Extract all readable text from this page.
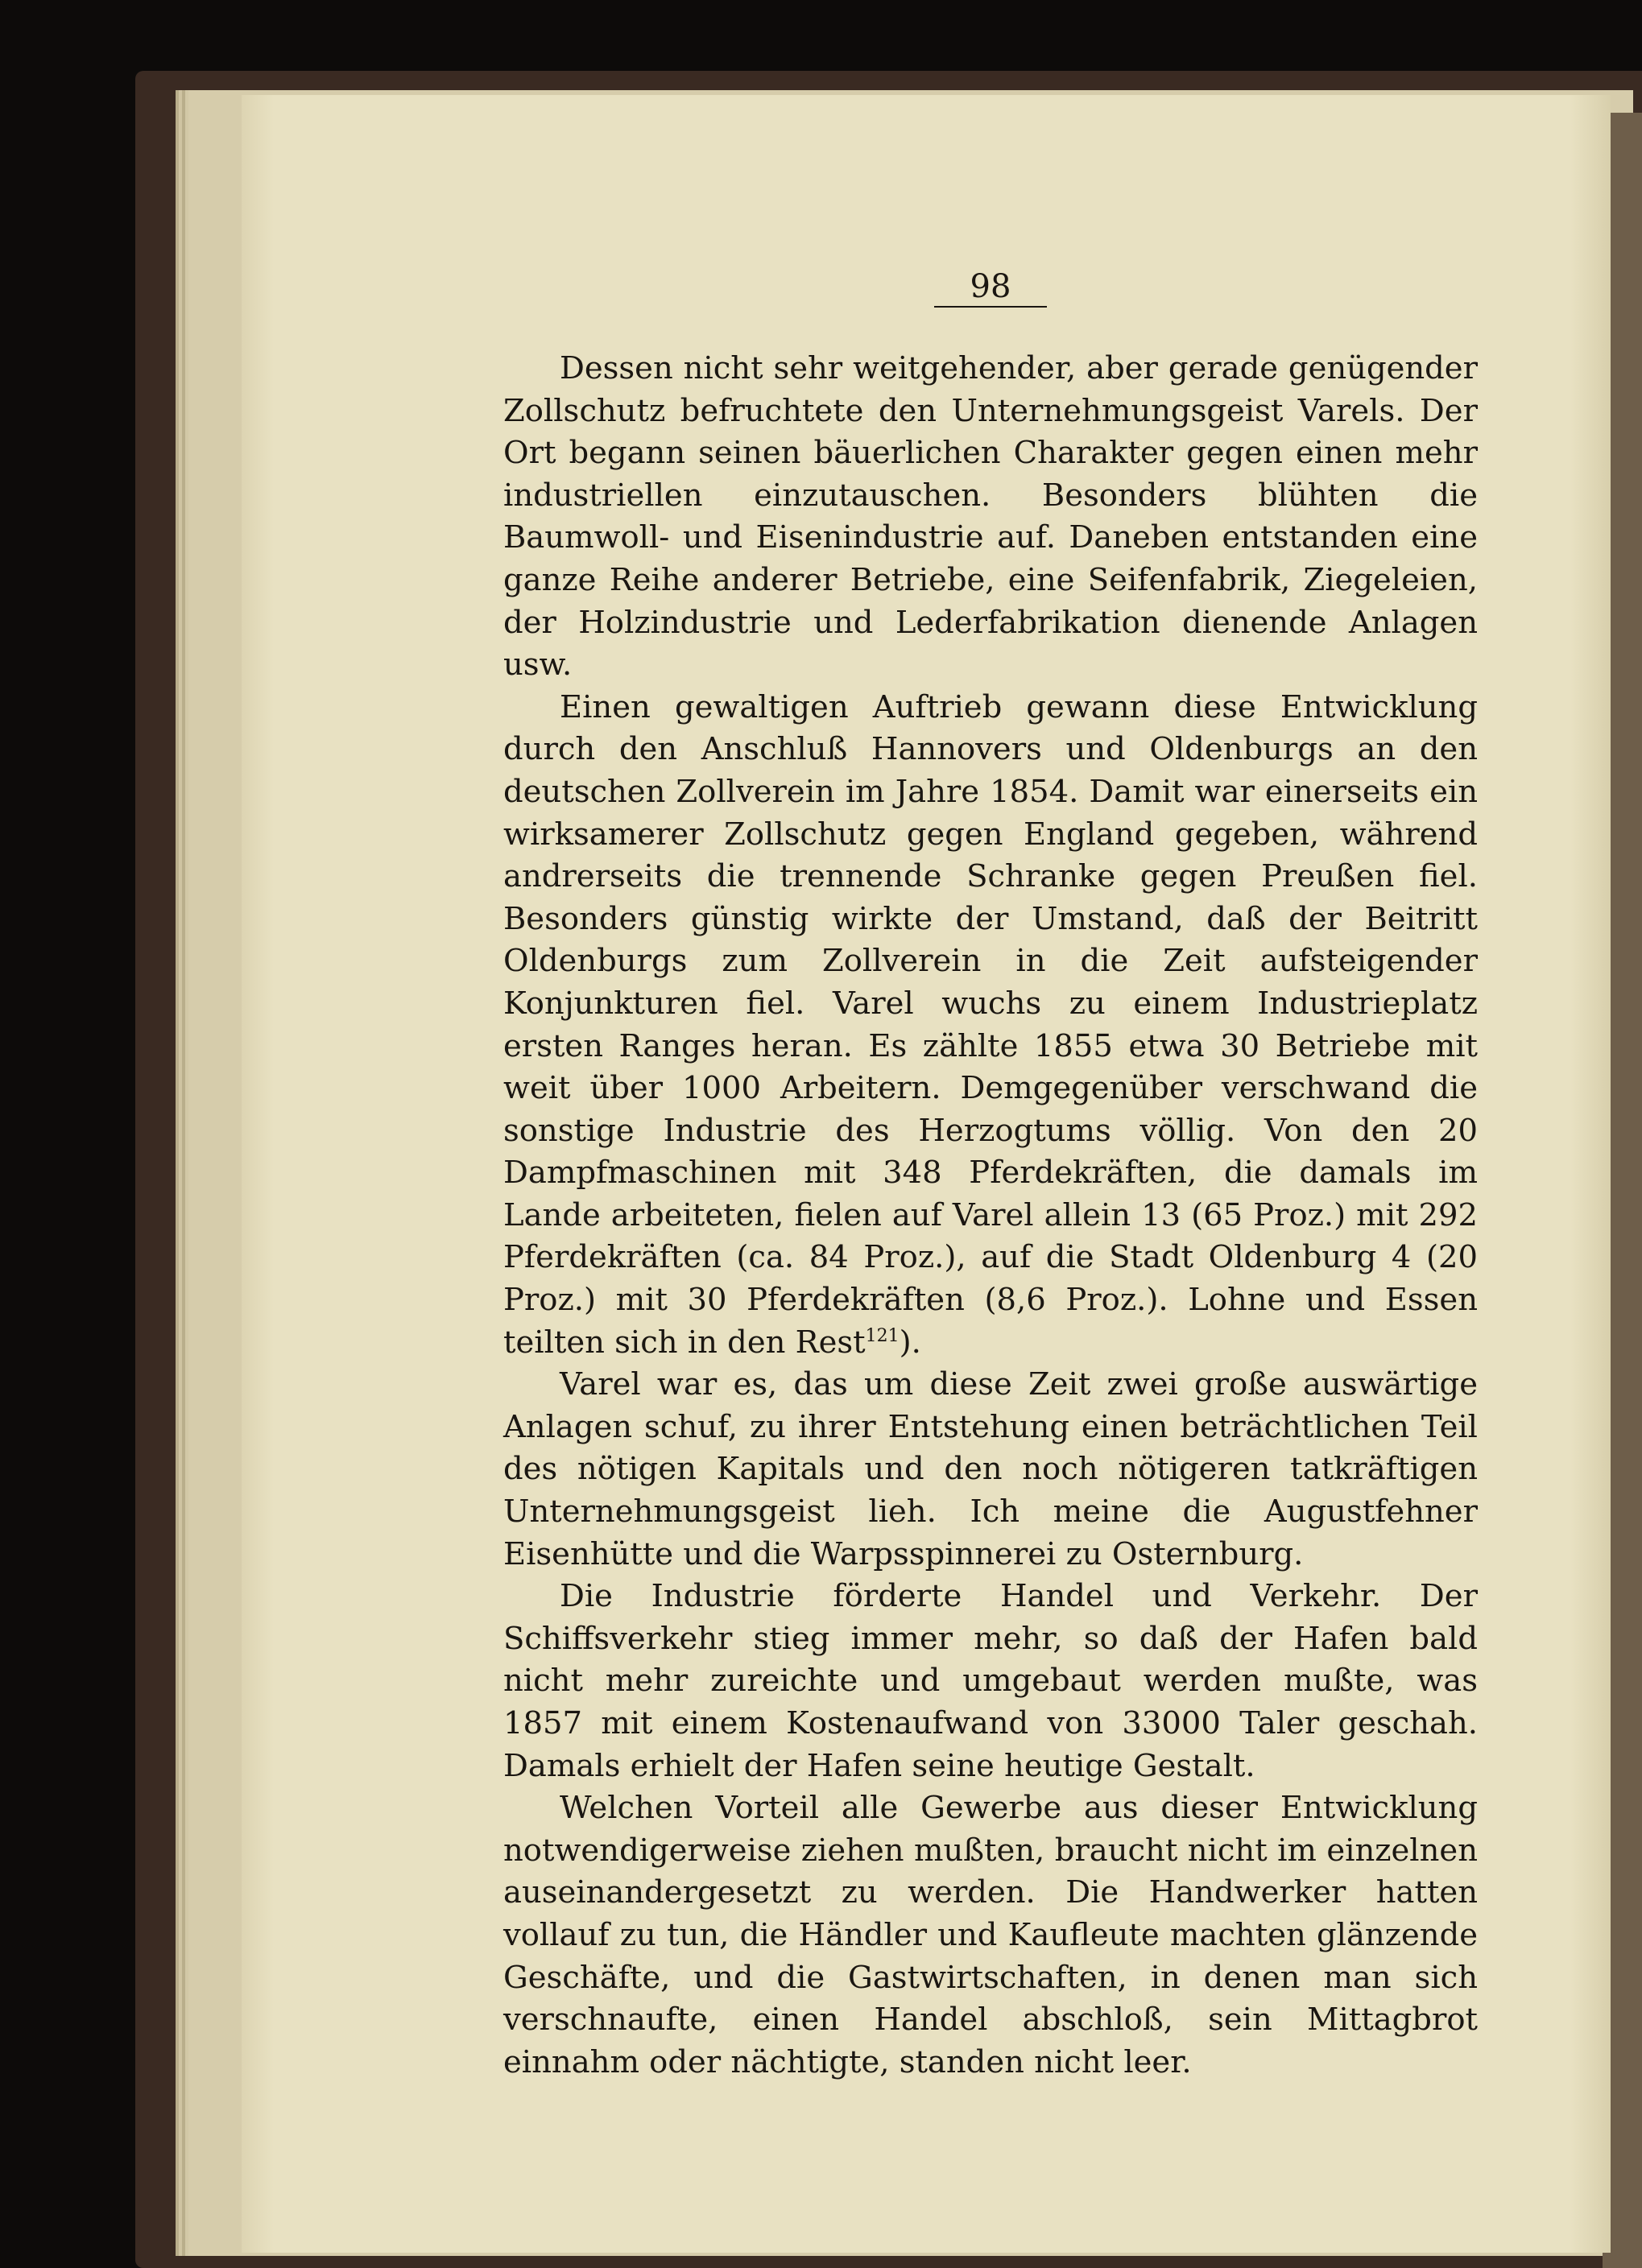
98

Dessen nicht sehr weitgehender, aber gerade genügender Zollschutz befruchtete den Unternehmungsgeist Varels. Der Ort begann seinen bäuerlichen Charakter gegen einen mehr industriellen einzutauschen. Besonders blühten die Baumwoll- und Eisenindustrie auf. Daneben entstanden eine ganze Reihe anderer Betriebe, eine Seifenfabrik, Ziegeleien, der Holzindustrie und Lederfabrikation dienende Anlagen usw.

Einen gewaltigen Auftrieb gewann diese Entwicklung durch den Anschluß Hannovers und Oldenburgs an den deutschen Zollverein im Jahre 1854. Damit war einerseits ein wirksamerer Zollschutz gegen England gegeben, während andrerseits die trennende Schranke gegen Preußen fiel. Besonders günstig wirkte der Umstand, daß der Beitritt Oldenburgs zum Zollverein in die Zeit aufsteigender Konjunkturen fiel. Varel wuchs zu einem Industrieplatz ersten Ranges heran. Es zählte 1855 etwa 30 Betriebe mit weit über 1000 Arbeitern. Demgegenüber verschwand die sonstige Industrie des Herzogtums völlig. Von den 20 Dampfmaschinen mit 348 Pferdekräften, die damals im Lande arbeiteten, fielen auf Varel allein 13 (65 Proz.) mit 292 Pferdekräften (ca. 84 Proz.), auf die Stadt Oldenburg 4 (20 Proz.) mit 30 Pferdekräften (8,6 Proz.). Lohne und Essen teilten sich in den Rest$^{121}$).

Varel war es, das um diese Zeit zwei große auswärtige Anlagen schuf, zu ihrer Entstehung einen beträchtlichen Teil des nötigen Kapitals und den noch nötigeren tatkräftigen Unternehmungsgeist lieh. Ich meine die Augustfehner Eisenhütte und die Warpsspinnerei zu Osternburg.

Die Industrie förderte Handel und Verkehr. Der Schiffsverkehr stieg immer mehr, so daß der Hafen bald nicht mehr zureichte und umgebaut werden mußte, was 1857 mit einem Kostenaufwand von 33000 Taler geschah. Damals erhielt der Hafen seine heutige Gestalt.

Welchen Vorteil alle Gewerbe aus dieser Entwicklung notwendigerweise ziehen mußten, braucht nicht im einzelnen auseinandergesetzt zu werden. Die Handwerker hatten vollauf zu tun, die Händler und Kaufleute machten glänzende Geschäfte, und die Gastwirtschaften, in denen man sich verschnaufte, einen Handel abschloß, sein Mittagbrot einnahm oder nächtigte, standen nicht leer.
